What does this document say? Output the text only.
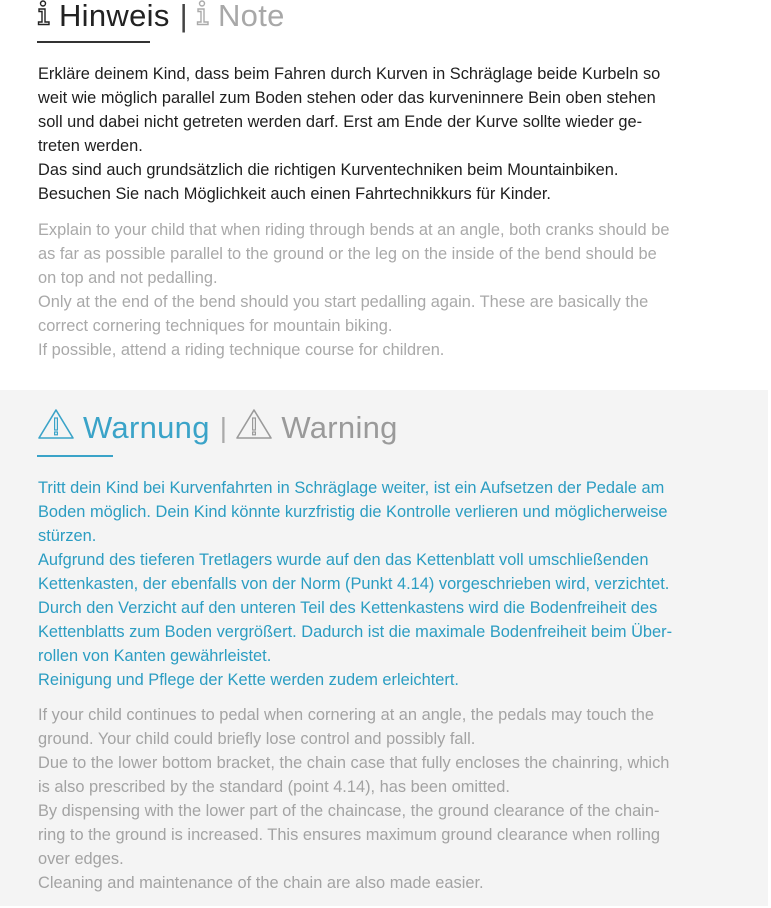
Hinweis | Note
Erkläre deinem Kind, dass beim Fahren durch Kurven in Schräglage beide Kurbeln so
weit wie möglich parallel zum Boden stehen oder das kurveninnere Bein oben stehen
soll und dabei nicht getreten werden darf. Erst am Ende der Kurve sollte wieder ge-
treten werden.
Das sind auch grundsätzlich die richtigen Kurventechniken beim Mountainbiken.
Besuchen Sie nach Möglichkeit auch einen Fahrtechnikkurs für Kinder.
Explain to your child that when riding through bends at an angle, both cranks should be
as far as possible parallel to the ground or the leg on the inside of the bend should be
on top and not pedalling.
Only at the end of the bend should you start pedalling again. These are basically the
correct cornering techniques for mountain biking.
If possible, attend a riding technique course for children.
Warnung | Warning
Tritt dein Kind bei Kurvenfahrten in Schräglage weiter, ist ein Aufsetzen der Pedale am
Boden möglich. Dein Kind könnte kurzfristig die Kontrolle verlieren und möglicherweise
stürzen.
Aufgrund des tieferen Tretlagers wurde auf den das Kettenblatt voll umschließenden
Kettenkasten, der ebenfalls von der Norm (Punkt 4.14) vorgeschrieben wird, verzichtet.
Durch den Verzicht auf den unteren Teil des Kettenkastens wird die Bodenfreiheit des
Kettenblatts zum Boden vergrößert. Dadurch ist die maximale Bodenfreiheit beim Über-
rollen von Kanten gewährleistet.
Reinigung und Pflege der Kette werden zudem erleichtert.
If your child continues to pedal when cornering at an angle, the pedals may touch the
ground. Your child could briefly lose control and possibly fall.
Due to the lower bottom bracket, the chain case that fully encloses the chainring, which
is also prescribed by the standard (point 4.14), has been omitted.
By dispensing with the lower part of the chaincase, the ground clearance of the chain-
ring to the ground is increased. This ensures maximum ground clearance when rolling
over edges.
Cleaning and maintenance of the chain are also made easier.
